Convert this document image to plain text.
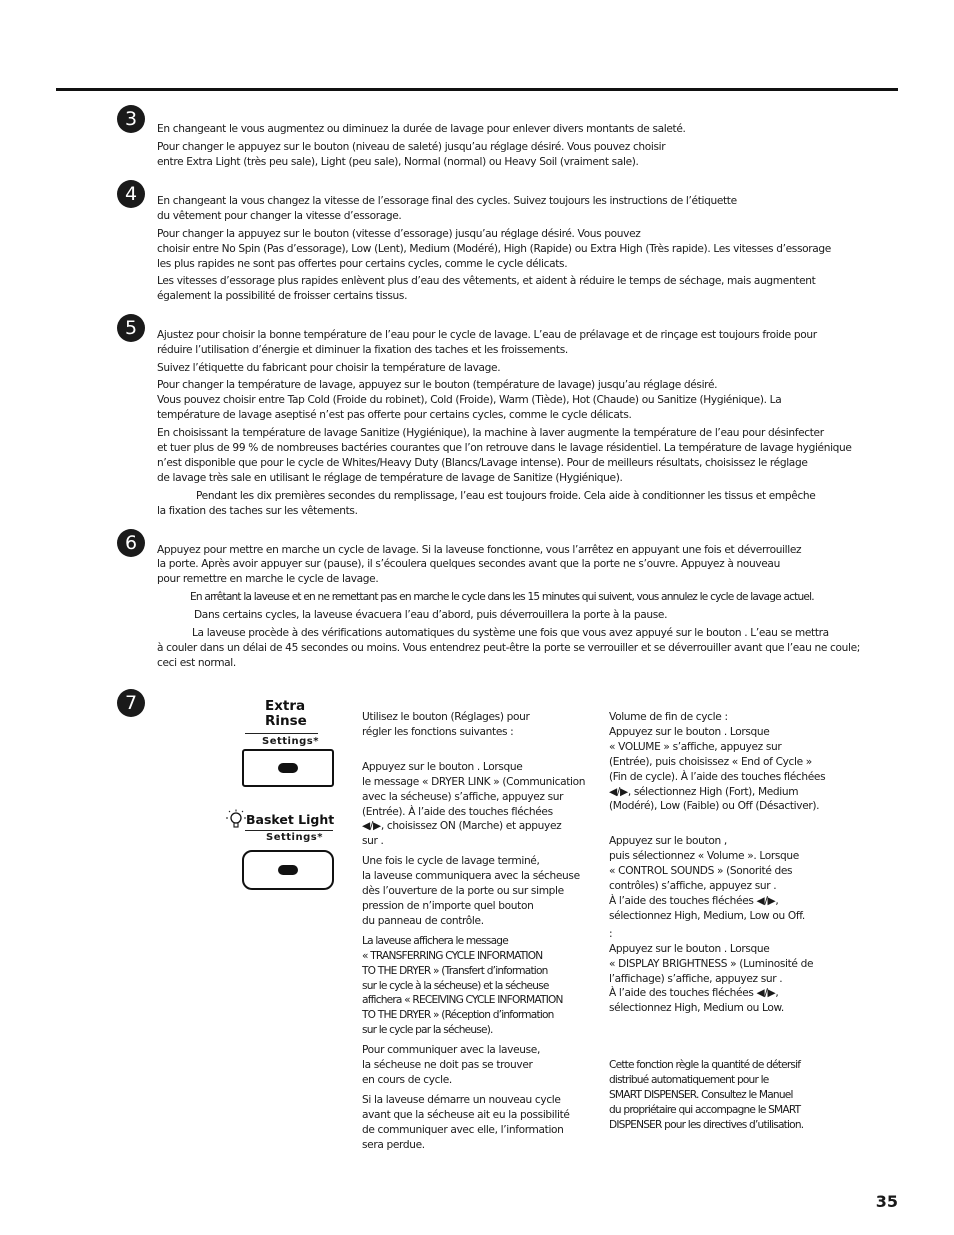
3	En changeant le vous augmentez ou diminuez la durée de lavage pour enlever divers montants de saleté.

Pour changer le appuyez sur le bouton (niveau de saleté) jusqu’au réglage désiré. Vous pouvez choisir

entre Extra Light (très peu sale), Light (peu sale), Normal (normal) ou Heavy Soil (vraiment sale).

4	En changeant la vous changez la vitesse de l’essorage final des cycles. Suivez toujours les instructions de l’étiquette

du vêtement pour changer la vitesse d’essorage.

Pour changer la appuyez sur le bouton (vitesse d’essorage) jusqu’au réglage désiré. Vous pouvez

choisir entre No Spin (Pas d’essorage), Low (Lent), Medium (Modéré), High (Rapide) ou Extra High (Très rapide). Les vitesses d’essorage

les plus rapides ne sont pas offertes pour certains cycles, comme le cycle délicats.

Les vitesses d’essorage plus rapides enlèvent plus d’eau des vêtements, et aident à réduire le temps de séchage, mais augmentent

également la possibilité de froisser certains tissus.

5	Ajustez pour choisir la bonne température de l’eau pour le cycle de lavage. L’eau de prélavage et de rinçage est toujours froide pour

réduire l’utilisation d’énergie et diminuer la fixation des taches et les froissements.

Suivez l’étiquette du fabricant pour choisir la température de lavage.

Pour changer la température de lavage, appuyez sur le bouton (température de lavage) jusqu’au réglage désiré.

Vous pouvez choisir entre Tap Cold (Froide du robinet), Cold (Froide), Warm (Tiède), Hot (Chaude) ou Sanitize (Hygiénique). La

température de lavage aseptisé n’est pas offerte pour certains cycles, comme le cycle délicats.

En choisissant la température de lavage Sanitize (Hygiénique), la machine à laver augmente la température de l’eau pour désinfecter

et tuer plus de 99 % de nombreuses bactéries courantes que l’on retrouve dans le lavage résidentiel. La température de lavage hygiénique

n’est disponible que pour le cycle de Whites/Heavy Duty (Blancs/Lavage intense). Pour de meilleurs résultats, choisissez le réglage

de lavage très sale en utilisant le réglage de température de lavage de Sanitize (Hygiénique).

Pendant les dix premières secondes du remplissage, l’eau est toujours froide. Cela aide à conditionner les tissus et empêche

la fixation des taches sur les vêtements.

6	Appuyez pour mettre en marche un cycle de lavage. Si la laveuse fonctionne, vous l’arrêtez en appuyant une fois et déverrouillez

la porte. Après avoir appuyer sur (pause), il s’écoulera quelques secondes avant que la porte ne s’ouvre. Appuyez à nouveau

pour remettre en marche le cycle de lavage.

En arrêtant la laveuse et en ne remettant pas en marche le cycle dans les 15 minutes qui suivent, vous annulez le cycle de lavage actuel.

Dans certains cycles, la laveuse évacuera l’eau d’abord, puis déverrouillera la porte à la pause.

La laveuse procède à des vérifications automatiques du système une fois que vous avez appuyé sur le bouton . L’eau se mettra

à couler dans un délai de 45 secondes ou moins. Vous entendrez peut-être la porte se verrouiller et se déverrouiller avant que l’eau ne coule;

ceci est normal.

7	Extra
Rinse
Settings*
Basket Light
Settings*

Utilisez le bouton (Réglages) pour

régler les fonctions suivantes :

Appuyez sur le bouton . Lorsque

le message « DRYER LINK » (Communication

avec la sécheuse) s’affiche, appuyez sur

(Entrée). À l’aide des touches fléchées

◀/▶, choisissez ON (Marche) et appuyez

sur .

Une fois le cycle de lavage terminé,

la laveuse communiquera avec la sécheuse

dès l’ouverture de la porte ou sur simple

pression de n’importe quel bouton

du panneau de contrôle.

La laveuse affichera le message

« TRANSFERRING CYCLE INFORMATION

TO THE DRYER » (Transfert d’information

sur le cycle à la sécheuse) et la sécheuse

affichera « RECEIVING CYCLE INFORMATION

TO THE DRYER » (Réception d’information

sur le cycle par la sécheuse).

Pour communiquer avec la laveuse,

la sécheuse ne doit pas se trouver

en cours de cycle.

Si la laveuse démarre un nouveau cycle

avant que la sécheuse ait eu la possibilité

de communiquer avec elle, l’information

sera perdue.

Volume de fin de cycle :

Appuyez sur le bouton . Lorsque

« VOLUME » s’affiche, appuyez sur

(Entrée), puis choisissez « End of Cycle »

(Fin de cycle). À l’aide des touches fléchées

◀/▶, sélectionnez High (Fort), Medium

(Modéré), Low (Faible) ou Off (Désactiver).

Appuyez sur le bouton ,

puis sélectionnez « Volume ». Lorsque

« CONTROL SOUNDS » (Sonorité des

contrôles) s’affiche, appuyez sur .

À l’aide des touches fléchées ◀/▶,

sélectionnez High, Medium, Low ou Off.

:

Appuyez sur le bouton . Lorsque

« DISPLAY BRIGHTNESS » (Luminosité de

l’affichage) s’affiche, appuyez sur .

À l’aide des touches fléchées ◀/▶,

sélectionnez High, Medium ou Low.

Cette fonction règle la quantité de détersif

distribué automatiquement pour le

SMART DISPENSER. Consultez le Manuel

du propriétaire qui accompagne le SMART

DISPENSER pour les directives d’utilisation.

35
